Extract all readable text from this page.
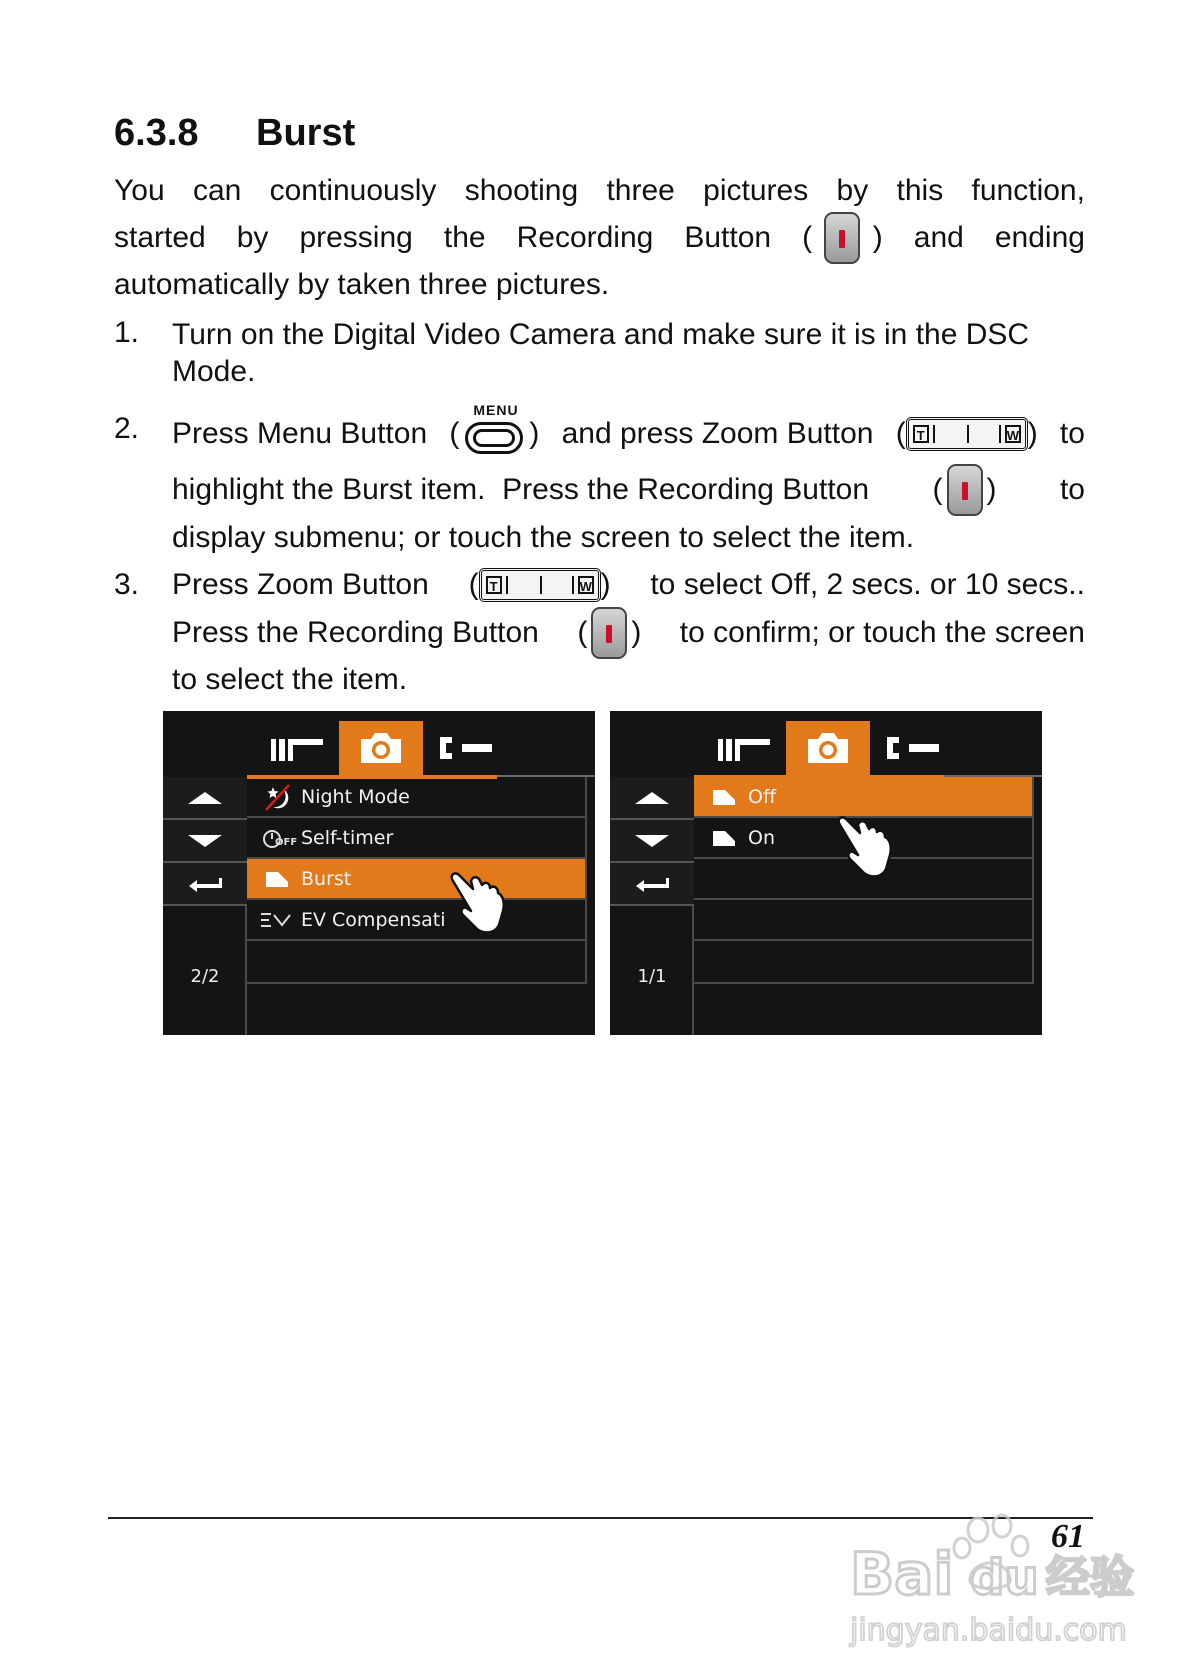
6.3.8 Burst
You can continuously shooting three pictures by this function,
started by pressing the Recording Button (
) and ending
automatically by taken three pictures.
1. Turn on the Digital Video Camera and make sure it is in the DSC
Mode.
2. Press Menu Button (
MENU
) and press Zoom Button ( T	W ) to
highlight the Burst item.  Press the Recording Button ( ) to
display submenu; or touch the screen to select the item.
3. Press Zoom Button ( T	W ) to select Off, 2 secs. or 10 secs..
Press the Recording Button ( ) to confirm; or touch the screen
to select the item.
2/2
Night Mode
OFF Self-timer
Burst
EV Compensati
1/1
Off
On
61
Bai du 经验
jingyan.baidu.com
